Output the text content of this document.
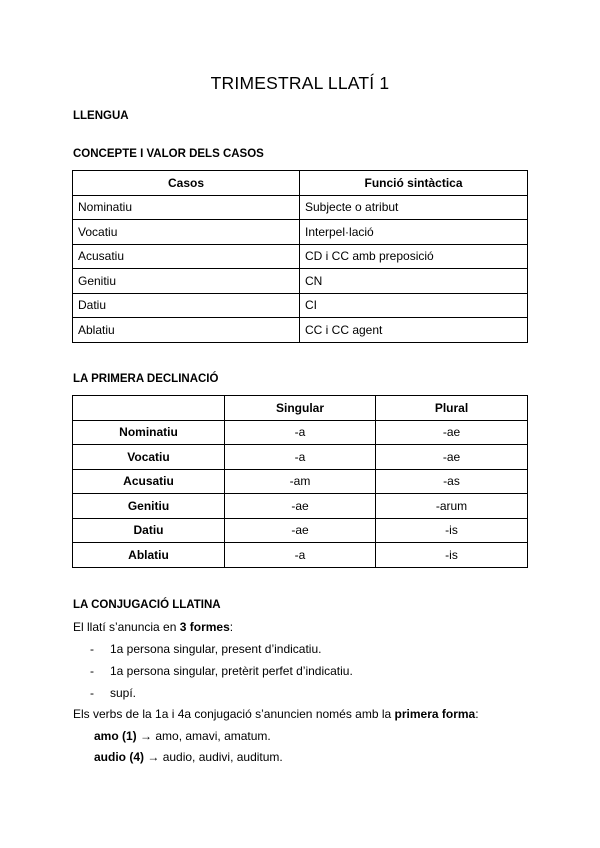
TRIMESTRAL LLATÍ 1
LLENGUA
CONCEPTE I VALOR DELS CASOS
Casos	Funció sintàctica
Nominatiu	Subjecte o atribut
Vocatiu	Interpel·lació
Acusatiu	CD i CC amb preposició
Genitiu	CN
Datiu	CI
Ablatiu	CC i CC agent
LA PRIMERA DECLINACIÓ
	Singular	Plural
Nominatiu	-a	-ae
Vocatiu	-a	-ae
Acusatiu	-am	-as
Genitiu	-ae	-arum
Datiu	-ae	-is
Ablatiu	-a	-is
LA CONJUGACIÓ LLATINA
El llatí s’anuncia en 3 formes:
- 1a persona singular, present d’indicatiu.
- 1a persona singular, pretèrit perfet d’indicatiu.
- supí.
Els verbs de la 1a i 4a conjugació s’anuncien només amb la primera forma:
amo (1) → amo, amavi, amatum.
audio (4) → audio, audivi, auditum.
